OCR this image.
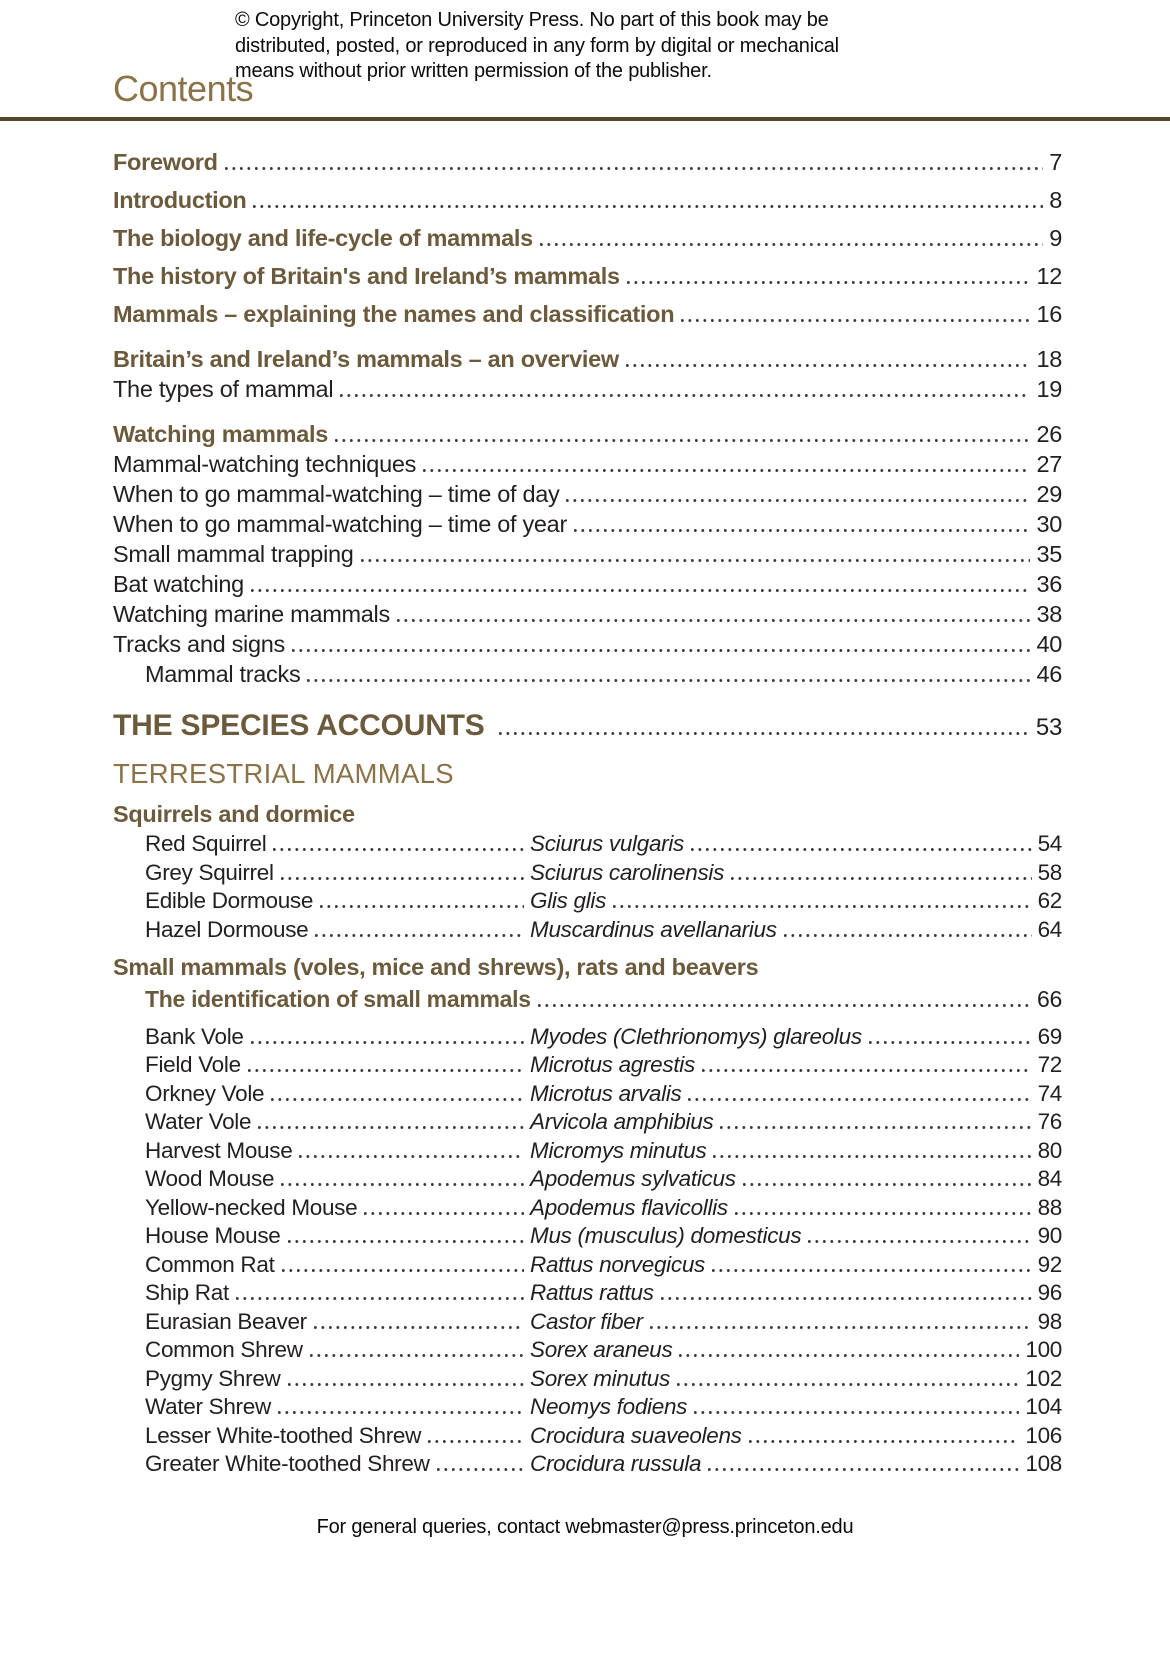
© Copyright, Princeton University Press. No part of this book may be
distributed, posted, or reproduced in any form by digital or mechanical
means without prior written permission of the publisher.
Contents
Foreword	7
Introduction	8
The biology and life-cycle of mammals	9
The history of Britain's and Ireland’s mammals	12
Mammals – explaining the names and classification	16
Britain’s and Ireland’s mammals – an overview	18
The types of mammal	19
Watching mammals	26
Mammal-watching techniques	27
When to go mammal-watching – time of day	29
When to go mammal-watching – time of year	30
Small mammal trapping	35
Bat watching	36
Watching marine mammals	38
Tracks and signs	40
Mammal tracks	46
THE SPECIES ACCOUNTS	53
TERRESTRIAL MAMMALS
Squirrels and dormice
Red Squirrel	Sciurus vulgaris	54
Grey Squirrel	Sciurus carolinensis	58
Edible Dormouse	Glis glis	62
Hazel Dormouse	Muscardinus avellanarius	64
Small mammals (voles, mice and shrews), rats and beavers
The identification of small mammals	66
Bank Vole	Myodes (Clethrionomys) glareolus	69
Field Vole	Microtus agrestis	72
Orkney Vole	Microtus arvalis	74
Water Vole	Arvicola amphibius	76
Harvest Mouse	Micromys minutus	80
Wood Mouse	Apodemus sylvaticus	84
Yellow-necked Mouse	Apodemus flavicollis	88
House Mouse	Mus (musculus) domesticus	90
Common Rat	Rattus norvegicus	92
Ship Rat	Rattus rattus	96
Eurasian Beaver	Castor fiber	98
Common Shrew	Sorex araneus	100
Pygmy Shrew	Sorex minutus	102
Water Shrew	Neomys fodiens	104
Lesser White-toothed Shrew	Crocidura suaveolens	106
Greater White-toothed Shrew	Crocidura russula	108
For general queries, contact webmaster@press.princeton.edu
